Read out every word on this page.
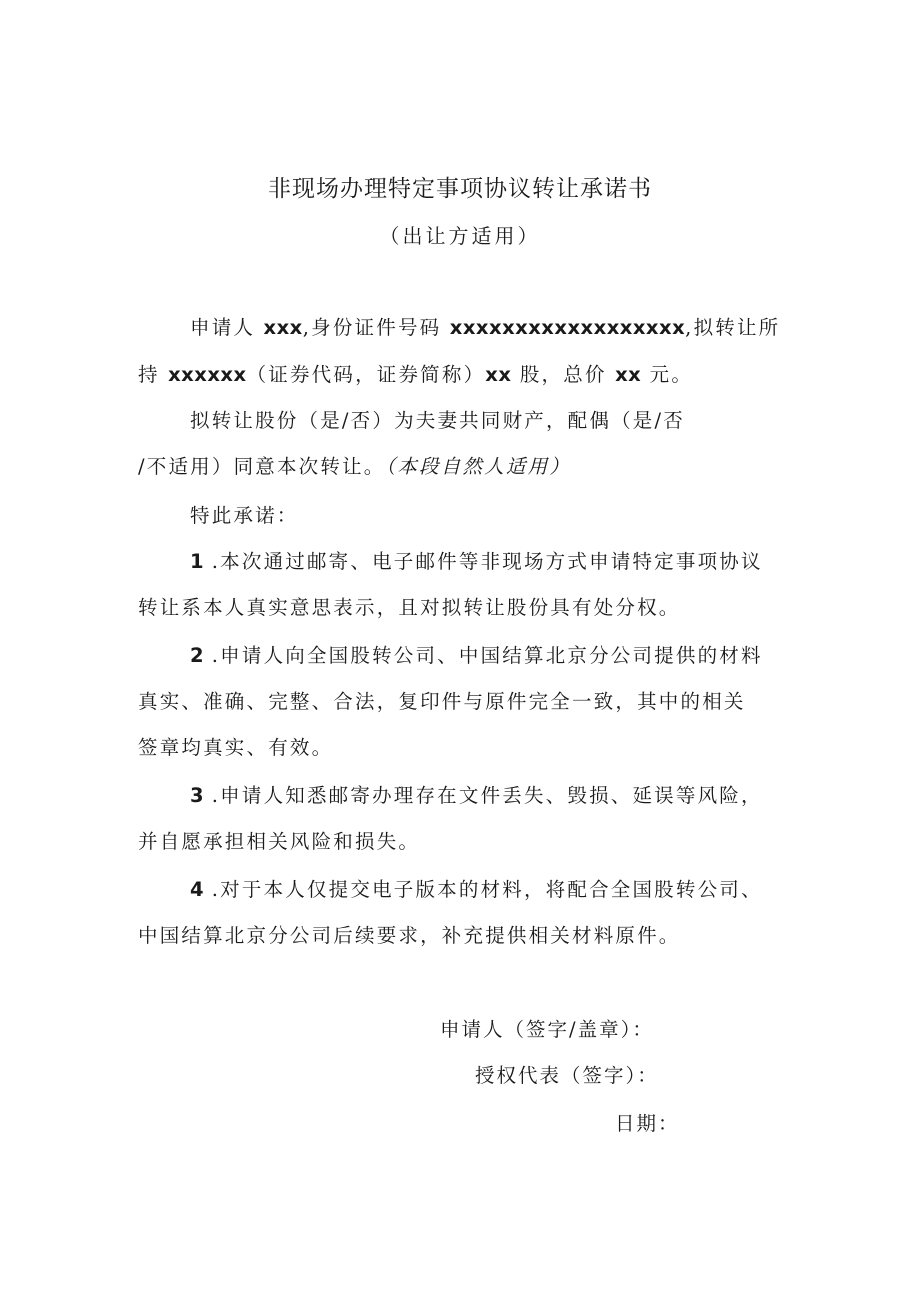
非现场办理特定事项协议转让承诺书
（出让方适用）
申请人 xxx,身份证件号码 xxxxxxxxxxxxxxxxxx,拟转让所
持 xxxxxx（证券代码，证券简称）xx 股，总价 xx 元。
拟转让股份（是/否）为夫妻共同财产，配偶（是/否
/不适用）同意本次转让。（本段自然人适用）
特此承诺：
1 .本次通过邮寄、电子邮件等非现场方式申请特定事项协议
转让系本人真实意思表示，且对拟转让股份具有处分权。
2 .申请人向全国股转公司、中国结算北京分公司提供的材料
真实、准确、完整、合法，复印件与原件完全一致，其中的相关
签章均真实、有效。
3 .申请人知悉邮寄办理存在文件丢失、毁损、延误等风险，
并自愿承担相关风险和损失。
4 .对于本人仅提交电子版本的材料，将配合全国股转公司、
中国结算北京分公司后续要求，补充提供相关材料原件。
申请人（签字/盖章）：
授权代表（签字）：
日期：
